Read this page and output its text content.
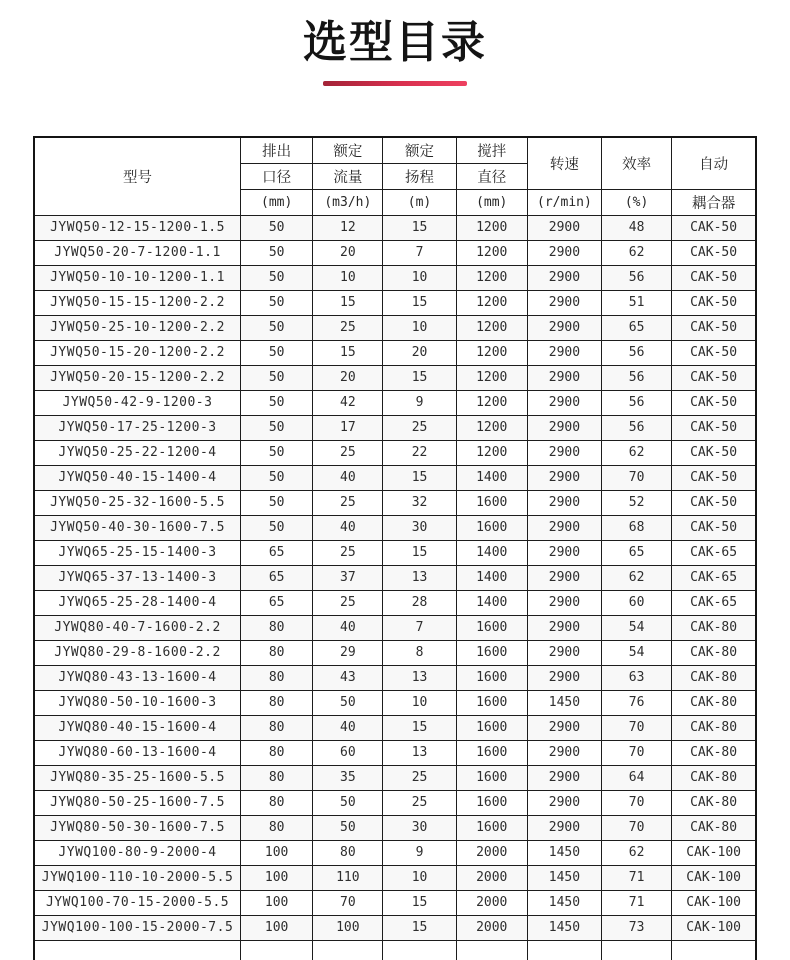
选型目录
型号	排出	额定	额定	搅拌	转速	效率	自动
	口径	流量	扬程	直径			
	(mm)	(m3/h)	(m)	(mm)	(r/min)	(%)	耦合器
JYWQ50-12-15-1200-1.5	50	12	15	1200	2900	48	CAK-50
JYWQ50-20-7-1200-1.1	50	20	7	1200	2900	62	CAK-50
JYWQ50-10-10-1200-1.1	50	10	10	1200	2900	56	CAK-50
JYWQ50-15-15-1200-2.2	50	15	15	1200	2900	51	CAK-50
JYWQ50-25-10-1200-2.2	50	25	10	1200	2900	65	CAK-50
JYWQ50-15-20-1200-2.2	50	15	20	1200	2900	56	CAK-50
JYWQ50-20-15-1200-2.2	50	20	15	1200	2900	56	CAK-50
JYWQ50-42-9-1200-3	50	42	9	1200	2900	56	CAK-50
JYWQ50-17-25-1200-3	50	17	25	1200	2900	56	CAK-50
JYWQ50-25-22-1200-4	50	25	22	1200	2900	62	CAK-50
JYWQ50-40-15-1400-4	50	40	15	1400	2900	70	CAK-50
JYWQ50-25-32-1600-5.5	50	25	32	1600	2900	52	CAK-50
JYWQ50-40-30-1600-7.5	50	40	30	1600	2900	68	CAK-50
JYWQ65-25-15-1400-3	65	25	15	1400	2900	65	CAK-65
JYWQ65-37-13-1400-3	65	37	13	1400	2900	62	CAK-65
JYWQ65-25-28-1400-4	65	25	28	1400	2900	60	CAK-65
JYWQ80-40-7-1600-2.2	80	40	7	1600	2900	54	CAK-80
JYWQ80-29-8-1600-2.2	80	29	8	1600	2900	54	CAK-80
JYWQ80-43-13-1600-4	80	43	13	1600	2900	63	CAK-80
JYWQ80-50-10-1600-3	80	50	10	1600	1450	76	CAK-80
JYWQ80-40-15-1600-4	80	40	15	1600	2900	70	CAK-80
JYWQ80-60-13-1600-4	80	60	13	1600	2900	70	CAK-80
JYWQ80-35-25-1600-5.5	80	35	25	1600	2900	64	CAK-80
JYWQ80-50-25-1600-7.5	80	50	25	1600	2900	70	CAK-80
JYWQ80-50-30-1600-7.5	80	50	30	1600	2900	70	CAK-80
JYWQ100-80-9-2000-4	100	80	9	2000	1450	62	CAK-100
JYWQ100-110-10-2000-5.5	100	110	10	2000	1450	71	CAK-100
JYWQ100-70-15-2000-5.5	100	70	15	2000	1450	71	CAK-100
JYWQ100-100-15-2000-7.5	100	100	15	2000	1450	73	CAK-100
